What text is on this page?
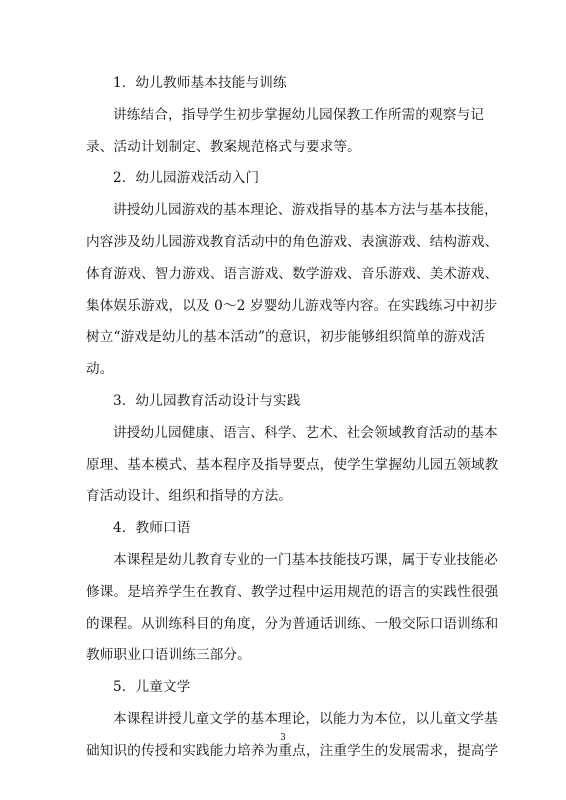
1．幼儿教师基本技能与训练
讲练结合，指导学生初步掌握幼儿园保教工作所需的观察与记
录、活动计划制定、教案规范格式与要求等。
2．幼儿园游戏活动入门
讲授幼儿园游戏的基本理论、游戏指导的基本方法与基本技能，
内容涉及幼儿园游戏教育活动中的角色游戏、表演游戏、结构游戏、
体育游戏、智力游戏、语言游戏、数学游戏、音乐游戏、美术游戏、
集体娱乐游戏，以及 0～2 岁婴幼儿游戏等内容。在实践练习中初步
树立“游戏是幼儿的基本活动”的意识，初步能够组织简单的游戏活
动。
3．幼儿园教育活动设计与实践
讲授幼儿园健康、语言、科学、艺术、社会领域教育活动的基本
原理、基本模式、基本程序及指导要点，使学生掌握幼儿园五领域教
育活动设计、组织和指导的方法。
4．教师口语
本课程是幼儿教育专业的一门基本技能技巧课，属于专业技能必
修课。是培养学生在教育、教学过程中运用规范的语言的实践性很强
的课程。从训练科目的角度，分为普通话训练、一般交际口语训练和
教师职业口语训练三部分。
5．儿童文学
本课程讲授儿童文学的基本理论，以能力为本位，以儿童文学基
础知识的传授和实践能力培养为重点，注重学生的发展需求，提高学
3
